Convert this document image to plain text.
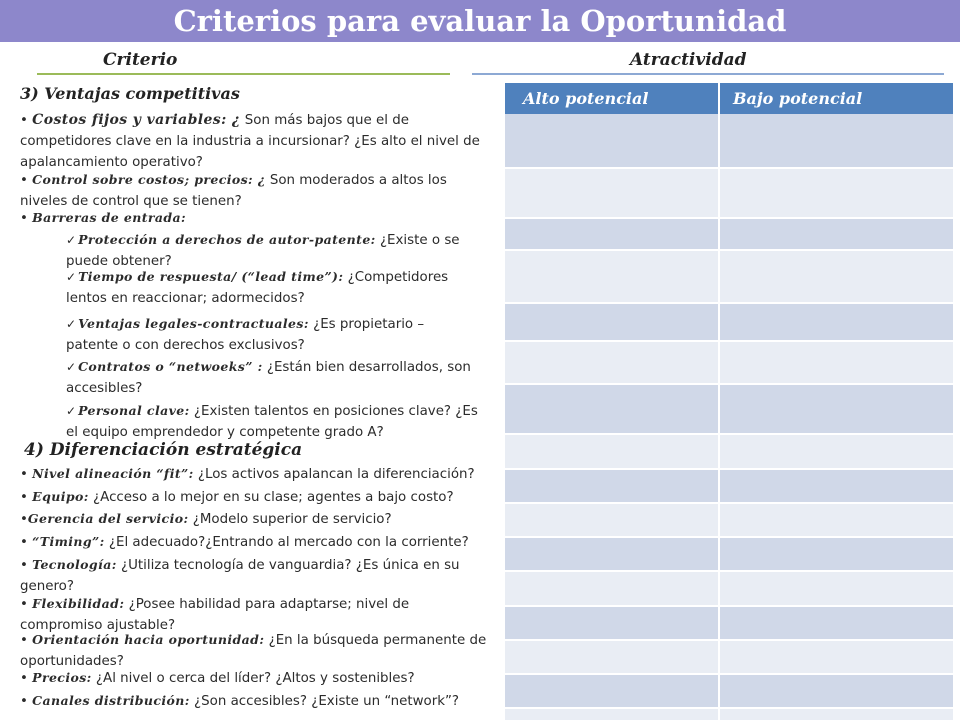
Criterios para evaluar la Oportunidad
Criterio	Atractividad
3) Ventajas competitivas
• Costos fijos y variables: ¿ Son más bajos que el de competidores clave en la industria a incursionar? ¿Es alto el nivel de apalancamiento operativo?
• Control sobre costos; precios: ¿ Son moderados a altos los niveles de control que se tienen?
• Barreras de entrada:
✓ Protección a derechos de autor-patente: ¿Existe o se puede obtener?
✓ Tiempo de respuesta/ (“lead time”): ¿Competidores lentos en reaccionar; adormecidos?
✓ Ventajas legales-contractuales: ¿Es propietario – patente o con derechos exclusivos?
✓ Contratos o “netwoeks” : ¿Están bien desarrollados, son accesibles?
✓ Personal clave: ¿Existen talentos en posiciones clave? ¿Es el equipo emprendedor y competente grado A?
4) Diferenciación estratégica
• Nivel alineación “fit”: ¿Los activos apalancan la diferenciación?
• Equipo: ¿Acceso a lo mejor en su clase; agentes a bajo costo?
•Gerencia del servicio: ¿Modelo superior de servicio?
• “Timing”: ¿El adecuado?¿Entrando al mercado con la corriente?
• Tecnología: ¿Utiliza tecnología de vanguardia? ¿Es única en su genero?
• Flexibilidad: ¿Posee habilidad para adaptarse; nivel de compromiso ajustable?
• Orientación hacia oportunidad: ¿En la búsqueda permanente de oportunidades?
• Precios: ¿Al nivel o cerca del líder? ¿Altos y sostenibles?
• Canales distribución: ¿Son accesibles? ¿Existe un “network”?
Alto potencial	Bajo potencial
